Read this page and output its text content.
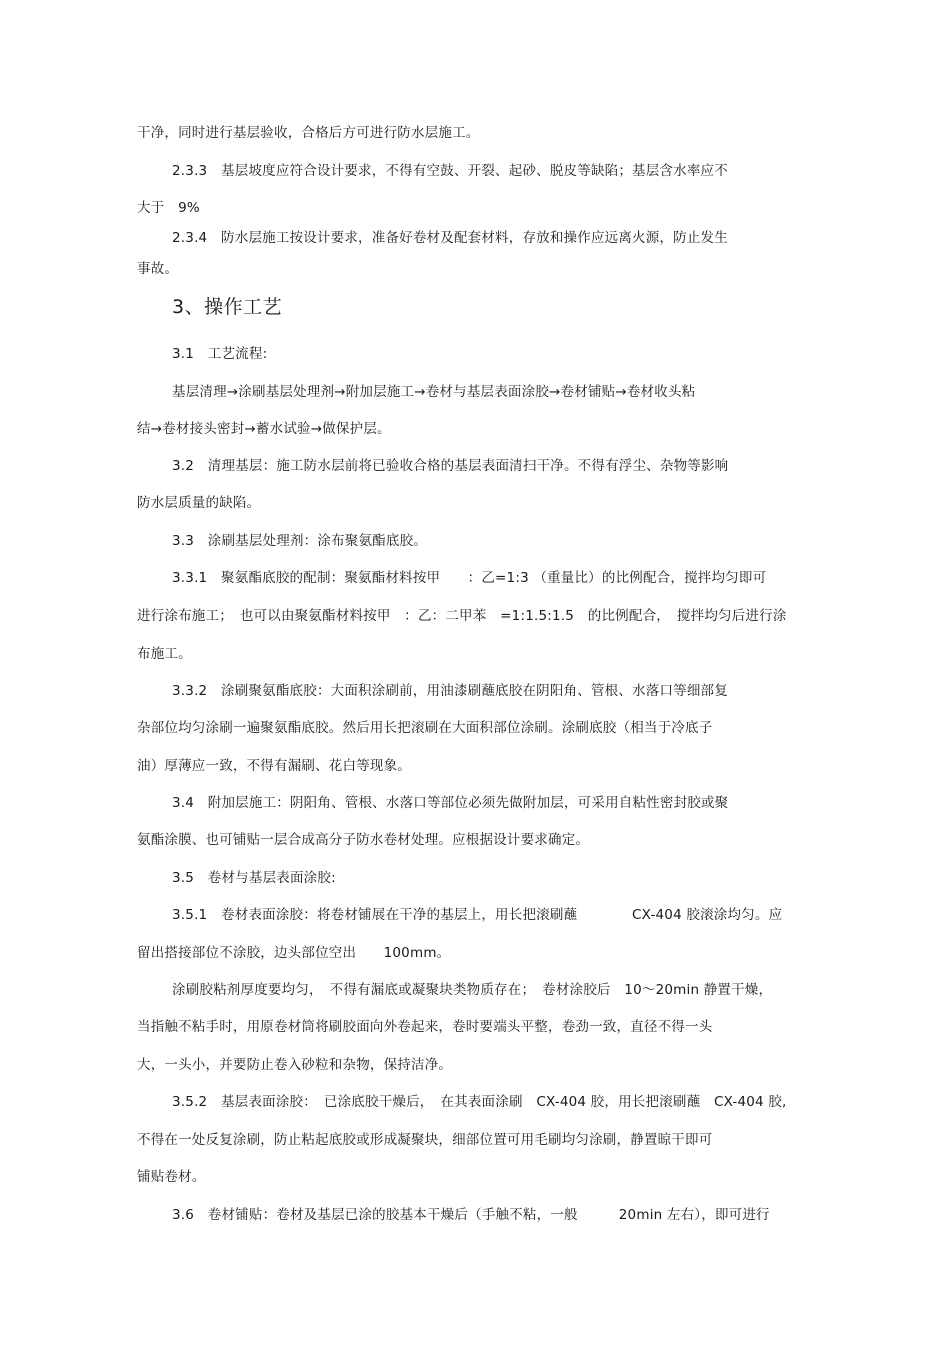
干净，同时进行基层验收，合格后方可进行防水层施工。
2.3.3　基层坡度应符合设计要求，不得有空鼓、开裂、起砂、脱皮等缺陷；基层含水率应不
大于　9%
2.3.4　防水层施工按设计要求，准备好卷材及配套材料，存放和操作应远离火源，防止发生
事故。
3、操作工艺
3.1　工艺流程:
基层清理→涂刷基层处理剂→附加层施工→卷材与基层表面涂胶→卷材铺贴→卷材收头粘
结→卷材接头密封→蓄水试验→做保护层。
3.2　清理基层：施工防水层前将已验收合格的基层表面清扫干净。不得有浮尘、杂物等影响
防水层质量的缺陷。
3.3　涂刷基层处理剂：涂布聚氨酯底胶。
3.3.1　聚氨酯底胶的配制：聚氨酯材料按甲　　：乙=1:3 （重量比）的比例配合，搅拌均匀即可
进行涂布施工；　也可以由聚氨酯材料按甲　：乙：二甲苯　=1:1.5:1.5　的比例配合，　搅拌均匀后进行涂
布施工。
3.3.2　涂刷聚氨酯底胶：大面积涂刷前，用油漆刷蘸底胶在阴阳角、管根、水落口等细部复
杂部位均匀涂刷一遍聚氨酯底胶。然后用长把滚刷在大面积部位涂刷。涂刷底胶（相当于冷底子
油）厚薄应一致，不得有漏刷、花白等现象。
3.4　附加层施工：阴阳角、管根、水落口等部位必须先做附加层，可采用自粘性密封胶或聚
氨酯涂膜、也可铺贴一层合成高分子防水卷材处理。应根据设计要求确定。
3.5　卷材与基层表面涂胶:
3.5.1　卷材表面涂胶：将卷材铺展在干净的基层上，用长把滚刷蘸　　　　CX-404 胶滚涂均匀。应
留出搭接部位不涂胶，边头部位空出　　100mm。
涂刷胶粘剂厚度要均匀，　不得有漏底或凝聚块类物质存在；　卷材涂胶后　10～20min 静置干燥，
当指触不粘手时，用原卷材筒将刷胶面向外卷起来，卷时要端头平整，卷劲一致，直径不得一头
大，一头小，并要防止卷入砂粒和杂物，保持洁净。
3.5.2　基层表面涂胶：　已涂底胶干燥后，　在其表面涂刷　CX-404 胶，用长把滚刷蘸　CX-404 胶,
不得在一处反复涂刷，防止粘起底胶或形成凝聚块，细部位置可用毛刷均匀涂刷，静置晾干即可
铺贴卷材。
3.6　卷材铺贴：卷材及基层已涂的胶基本干燥后（手触不粘，一般　　　20min 左右），即可进行
